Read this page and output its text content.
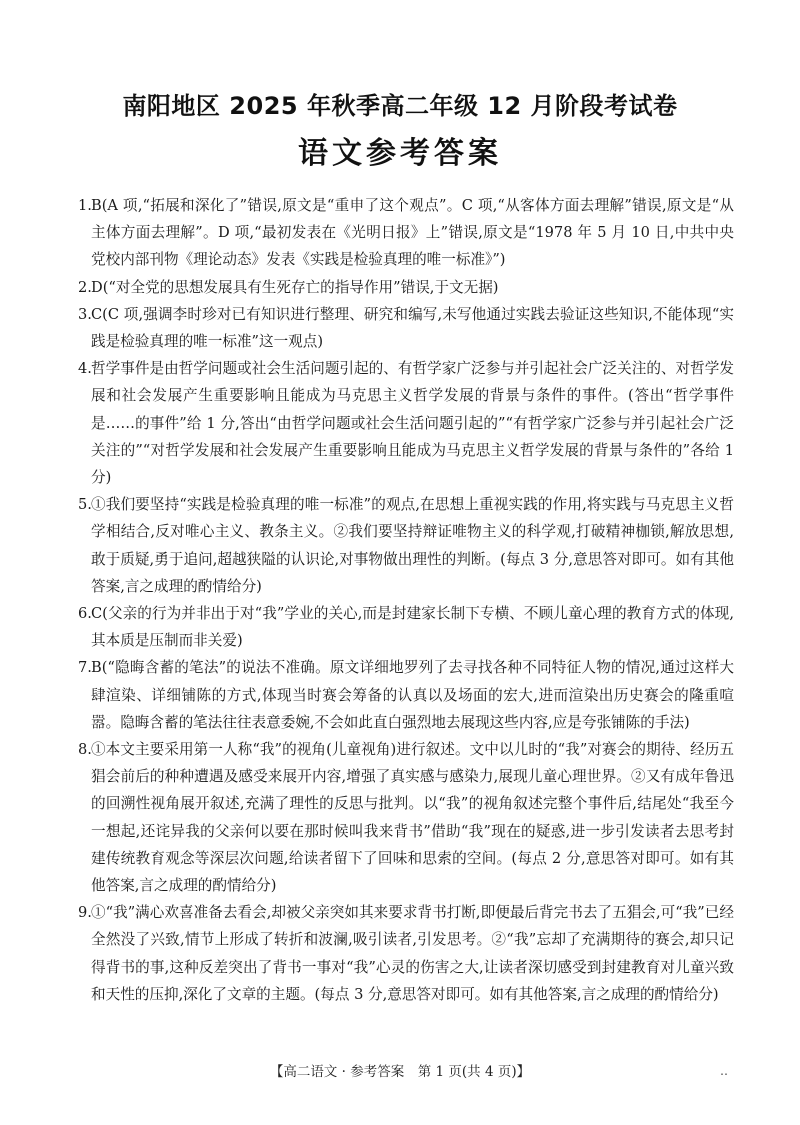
南阳地区 2025 年秋季高二年级 12 月阶段考试卷
语文参考答案

1. B(A 项,“拓展和深化了”错误,原文是“重申了这个观点”。C 项,“从客体方面去理解”错误,原文是“从主体方面去理解”。D 项,“最初发表在《光明日报》上”错误,原文是“1978 年 5 月 10 日,中共中央党校内部刊物《理论动态》发表《实践是检验真理的唯一标准》”)

2. D(“对全党的思想发展具有生死存亡的指导作用”错误,于文无据)

3. C(C 项,强调李时珍对已有知识进行整理、研究和编写,未写他通过实践去验证这些知识,不能体现“实践是检验真理的唯一标准”这一观点)

4. 哲学事件是由哲学问题或社会生活问题引起的、有哲学家广泛参与并引起社会广泛关注的、对哲学发展和社会发展产生重要影响且能成为马克思主义哲学发展的背景与条件的事件。(答出“哲学事件是……的事件”给 1 分,答出“由哲学问题或社会生活问题引起的”“有哲学家广泛参与并引起社会广泛关注的”“对哲学发展和社会发展产生重要影响且能成为马克思主义哲学发展的背景与条件的”各给 1 分)

5. ①我们要坚持“实践是检验真理的唯一标准”的观点,在思想上重视实践的作用,将实践与马克思主义哲学相结合,反对唯心主义、教条主义。②我们要坚持辩证唯物主义的科学观,打破精神枷锁,解放思想,敢于质疑,勇于追问,超越狭隘的认识论,对事物做出理性的判断。(每点 3 分,意思答对即可。如有其他答案,言之成理的酌情给分)

6. C(父亲的行为并非出于对“我”学业的关心,而是封建家长制下专横、不顾儿童心理的教育方式的体现,其本质是压制而非关爱)

7. B(“隐晦含蓄的笔法”的说法不准确。原文详细地罗列了去寻找各种不同特征人物的情况,通过这样大肆渲染、详细铺陈的方式,体现当时赛会筹备的认真以及场面的宏大,进而渲染出历史赛会的隆重喧嚣。隐晦含蓄的笔法往往表意委婉,不会如此直白强烈地去展现这些内容,应是夸张铺陈的手法)

8. ①本文主要采用第一人称“我”的视角(儿童视角)进行叙述。文中以儿时的“我”对赛会的期待、经历五猖会前后的种种遭遇及感受来展开内容,增强了真实感与感染力,展现儿童心理世界。②又有成年鲁迅的回溯性视角展开叙述,充满了理性的反思与批判。以“我”的视角叙述完整个事件后,结尾处“我至今一想起,还诧异我的父亲何以要在那时候叫我来背书”借助“我”现在的疑惑,进一步引发读者去思考封建传统教育观念等深层次问题,给读者留下了回味和思索的空间。(每点 2 分,意思答对即可。如有其他答案,言之成理的酌情给分)

9. ①“我”满心欢喜准备去看会,却被父亲突如其来要求背书打断,即便最后背完书去了五猖会,可“我”已经全然没了兴致,情节上形成了转折和波澜,吸引读者,引发思考。②“我”忘却了充满期待的赛会,却只记得背书的事,这种反差突出了背书一事对“我”心灵的伤害之大,让读者深切感受到封建教育对儿童兴致和天性的压抑,深化了文章的主题。(每点 3 分,意思答对即可。如有其他答案,言之成理的酌情给分)

【高二语文 · 参考答案　第 1 页(共 4 页)】	‥
